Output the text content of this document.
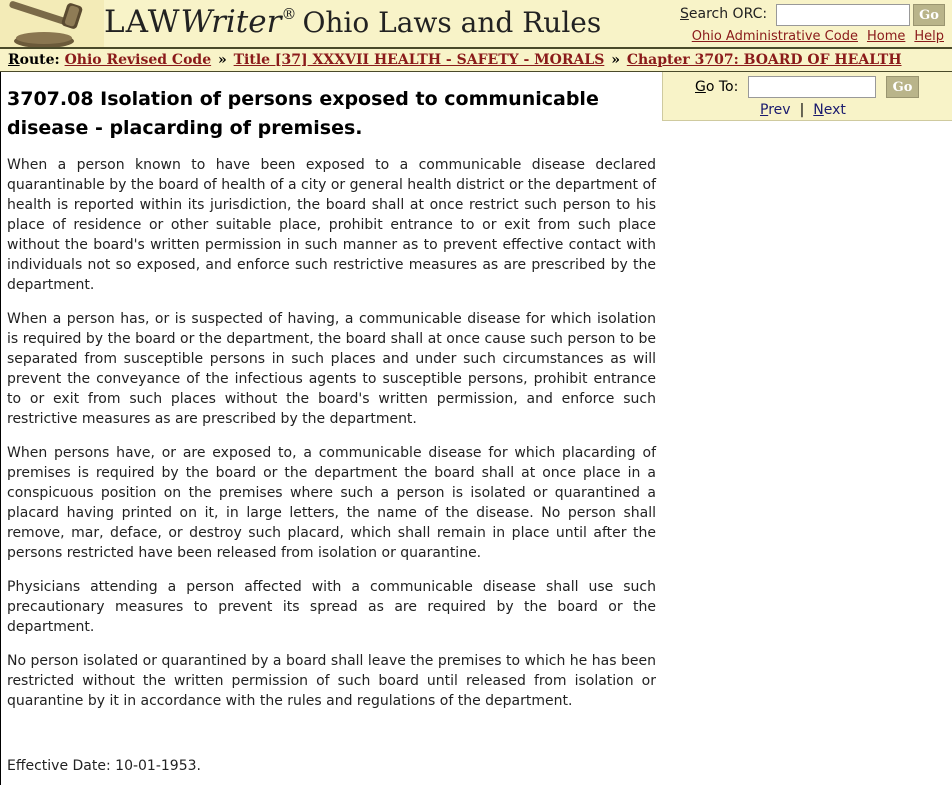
LAWWriter® Ohio Laws and Rules	Search ORC:	Go
Ohio Administrative Code Home Help
Route: Ohio Revised Code » Title [37] XXXVII HEALTH - SAFETY - MORALS » Chapter 3707: BOARD OF HEALTH
Go To:	Go
Prev | Next
3707.08 Isolation of persons exposed to communicable disease - placarding of premises.

When a person known to have been exposed to a communicable disease declared quarantinable by the board of health of a city or general health district or the department of health is reported within its jurisdiction, the board shall at once restrict such person to his place of residence or other suitable place, prohibit entrance to or exit from such place without the board's written permission in such manner as to prevent effective contact with individuals not so exposed, and enforce such restrictive measures as are prescribed by the department.

When a person has, or is suspected of having, a communicable disease for which isolation is required by the board or the department, the board shall at once cause such person to be separated from susceptible persons in such places and under such circumstances as will prevent the conveyance of the infectious agents to susceptible persons, prohibit entrance to or exit from such places without the board's written permission, and enforce such restrictive measures as are prescribed by the department.

When persons have, or are exposed to, a communicable disease for which placarding of premises is required by the board or the department the board shall at once place in a conspicuous position on the premises where such a person is isolated or quarantined a placard having printed on it, in large letters, the name of the disease. No person shall remove, mar, deface, or destroy such placard, which shall remain in place until after the persons restricted have been released from isolation or quarantine.

Physicians attending a person affected with a communicable disease shall use such precautionary measures to prevent its spread as are required by the board or the department.

No person isolated or quarantined by a board shall leave the premises to which he has been restricted without the written permission of such board until released from isolation or quarantine by it in accordance with the rules and regulations of the department.

Effective Date: 10-01-1953.
